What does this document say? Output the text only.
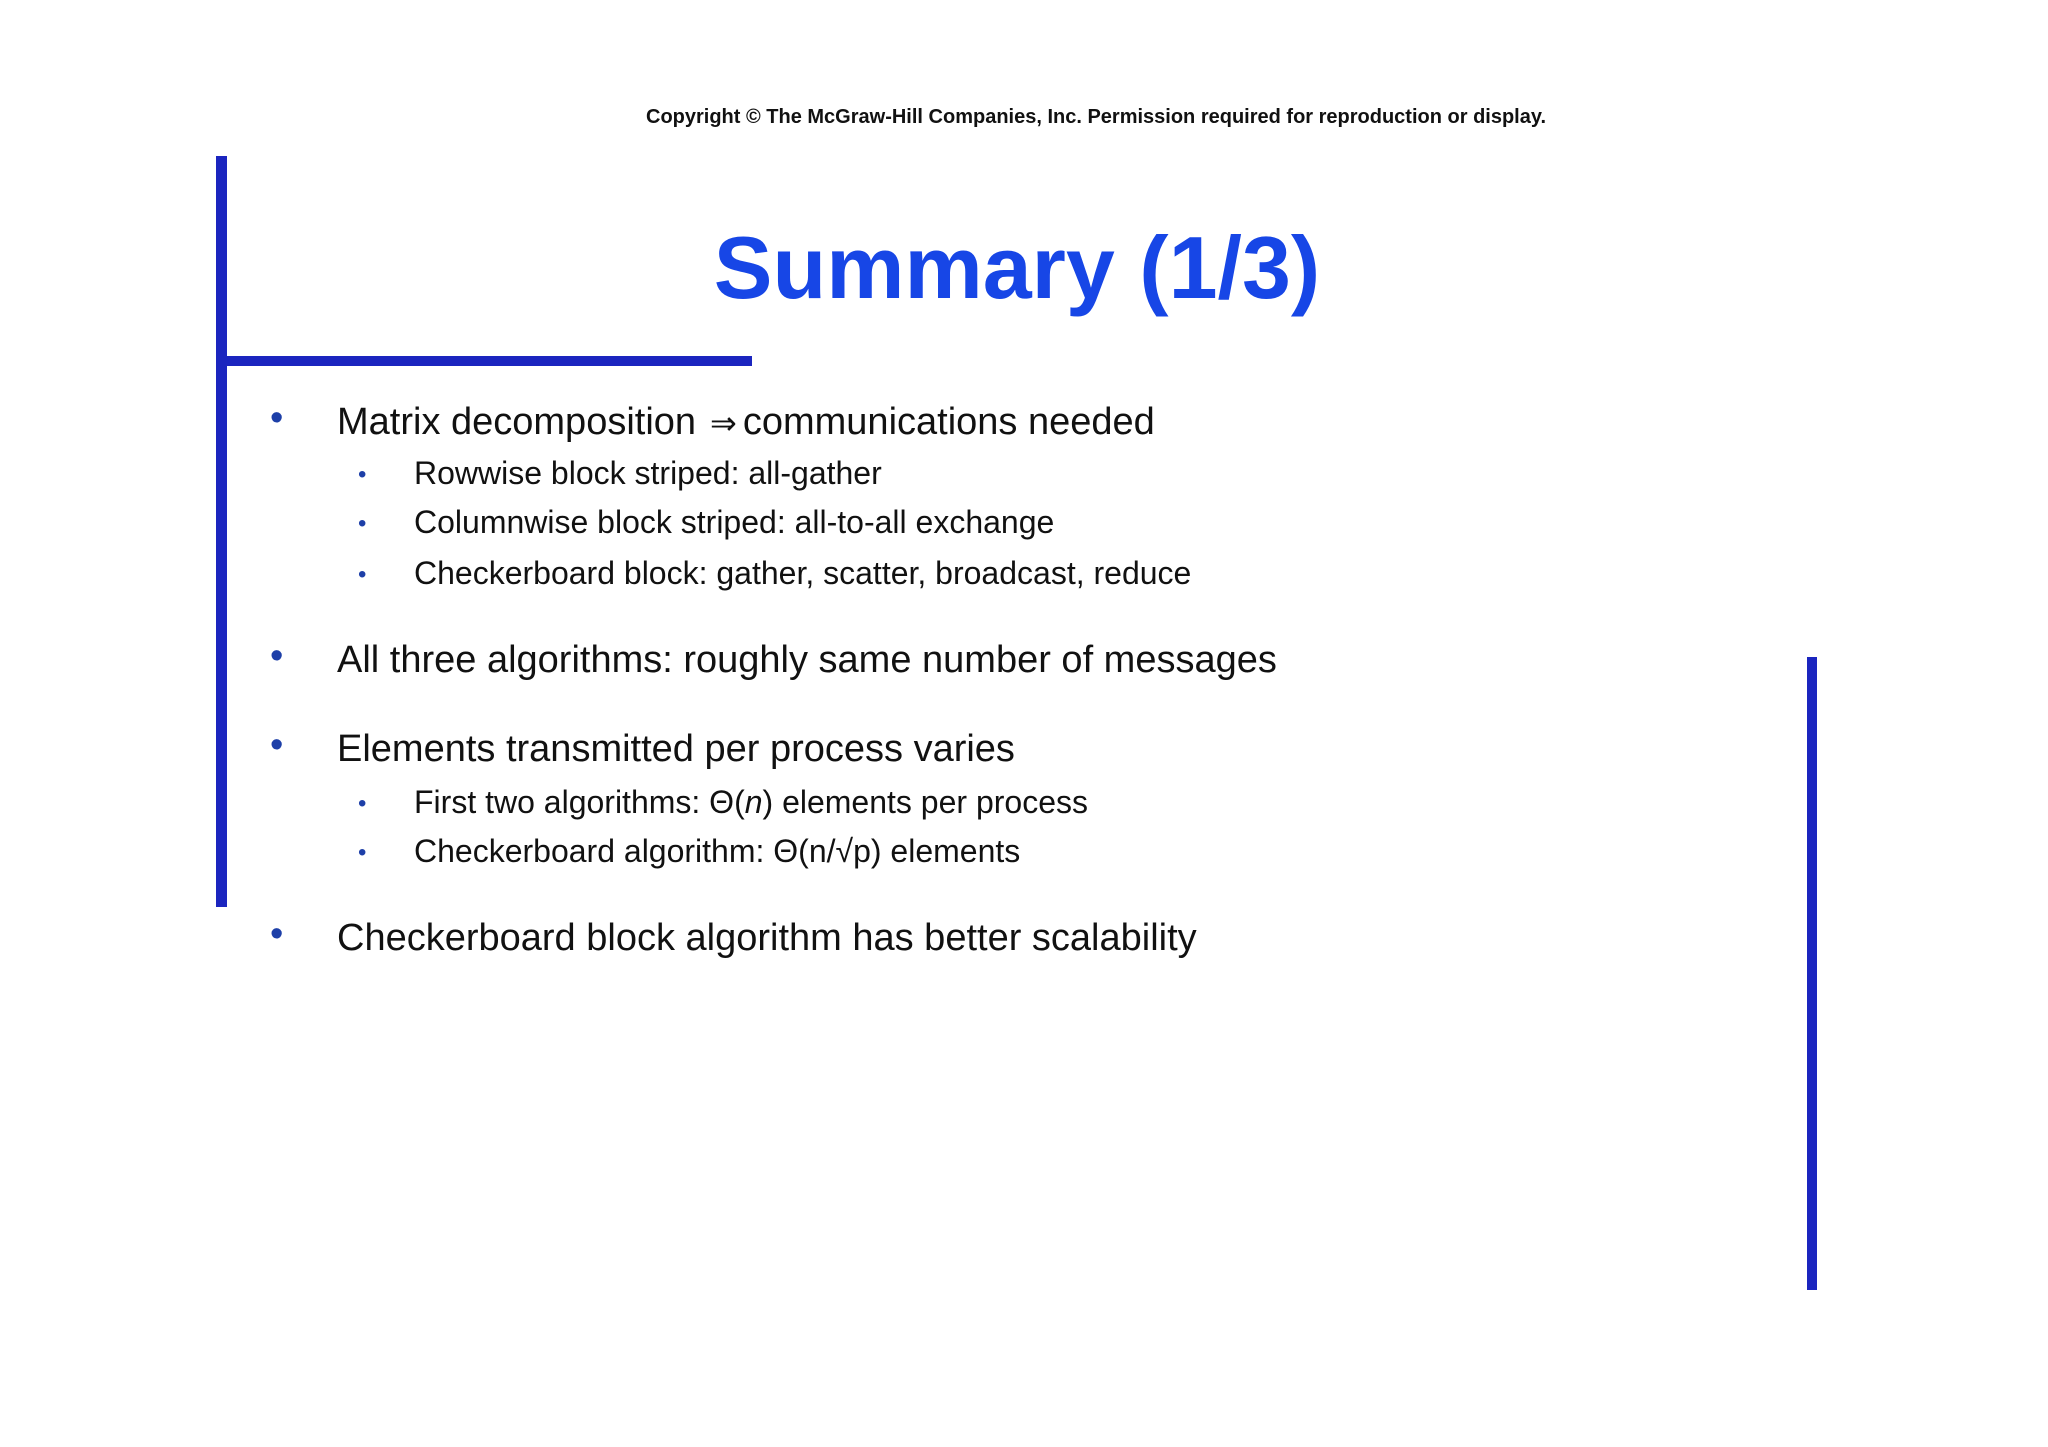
Copyright © The McGraw-Hill Companies, Inc. Permission required for reproduction or display.
Summary (1/3)
• Matrix decomposition ⇒ communications needed
• Rowwise block striped: all-gather
• Columnwise block striped: all-to-all exchange
• Checkerboard block: gather, scatter, broadcast, reduce
• All three algorithms: roughly same number of messages
• Elements transmitted per process varies
• First two algorithms: Θ(n) elements per process
• Checkerboard algorithm: Θ(n/√p) elements
• Checkerboard block algorithm has better scalability
